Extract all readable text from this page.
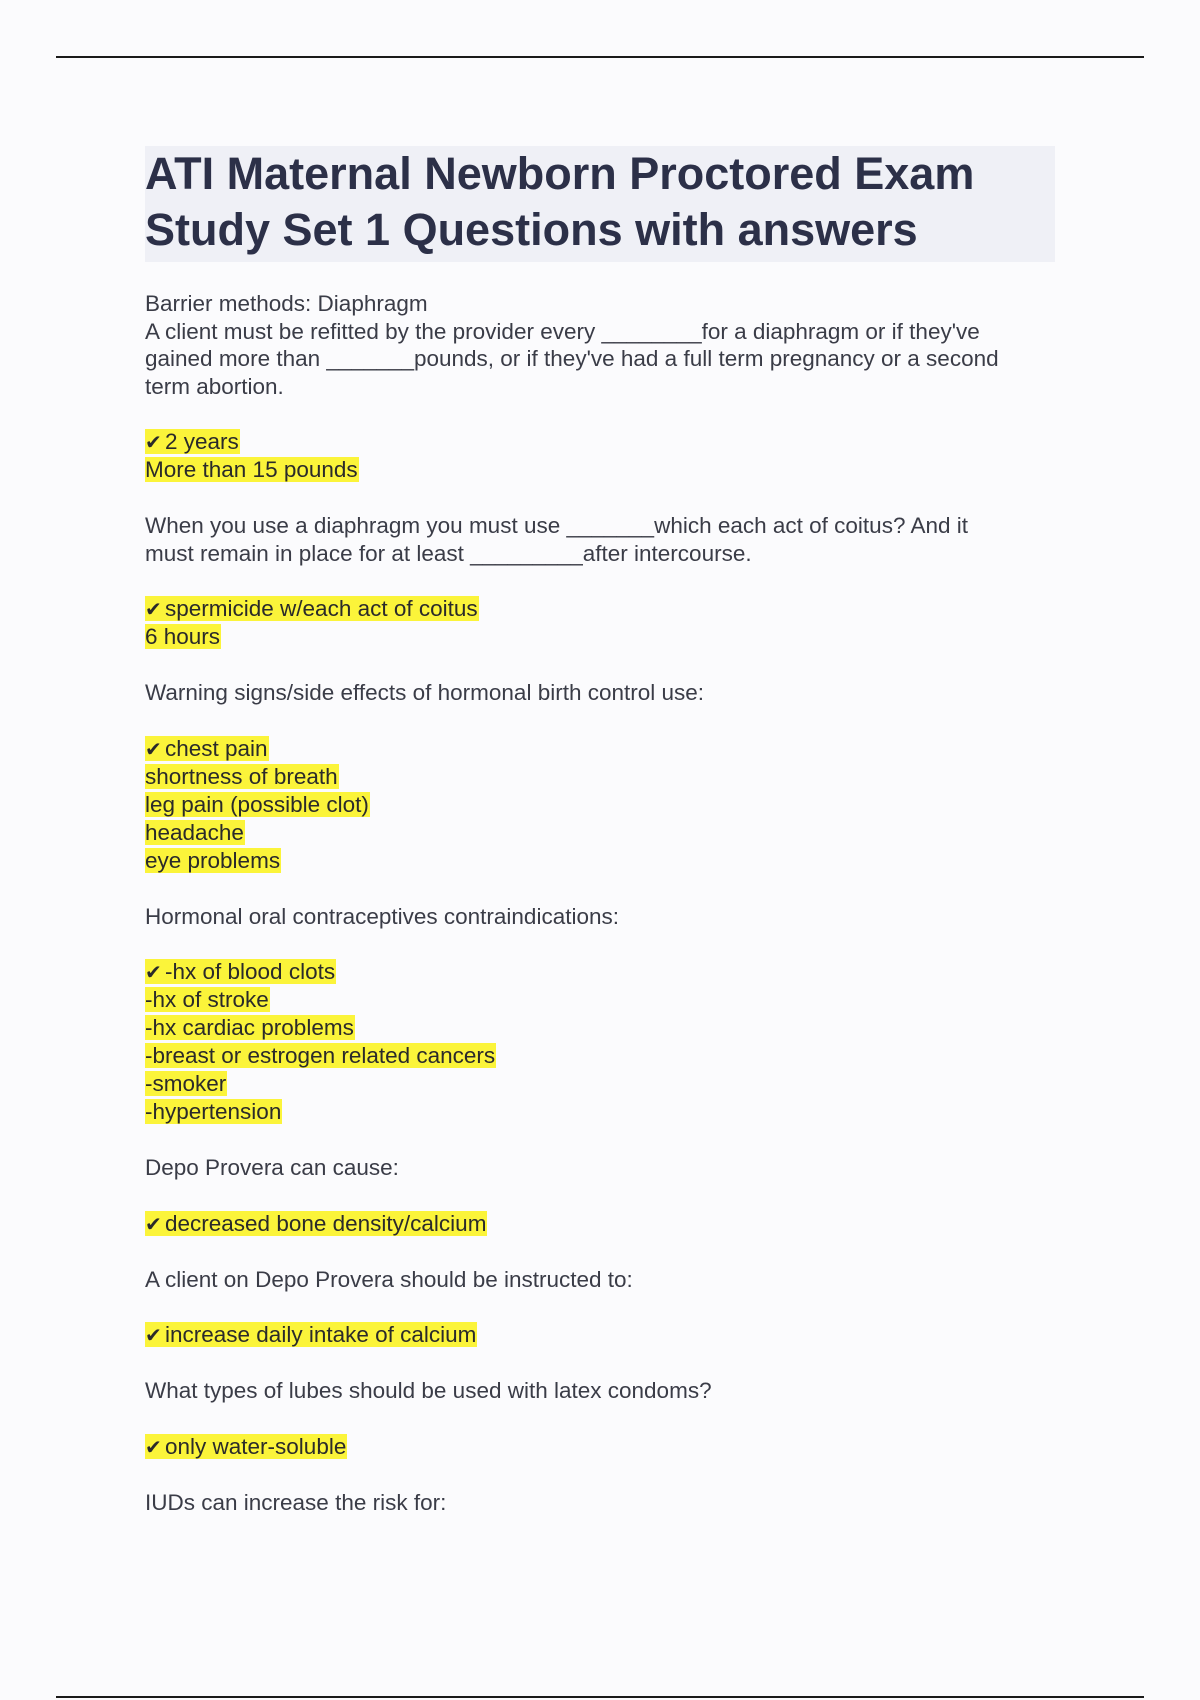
ATI Maternal Newborn Proctored Exam
Study Set 1 Questions with answers
Barrier methods: Diaphragm
A client must be refitted by the provider every ________for a diaphragm or if they've
gained more than _______pounds, or if they've had a full term pregnancy or a second
term abortion.
✔ 2 years
More than 15 pounds
When you use a diaphragm you must use _______which each act of coitus? And it
must remain in place for at least _________after intercourse.
✔ spermicide w/each act of coitus
6 hours
Warning signs/side effects of hormonal birth control use:
✔ chest pain
shortness of breath
leg pain (possible clot)
headache
eye problems
Hormonal oral contraceptives contraindications:
✔ -hx of blood clots
-hx of stroke
-hx cardiac problems
-breast or estrogen related cancers
-smoker
-hypertension
Depo Provera can cause:
✔ decreased bone density/calcium
A client on Depo Provera should be instructed to:
✔ increase daily intake of calcium
What types of lubes should be used with latex condoms?
✔ only water-soluble
IUDs can increase the risk for:
